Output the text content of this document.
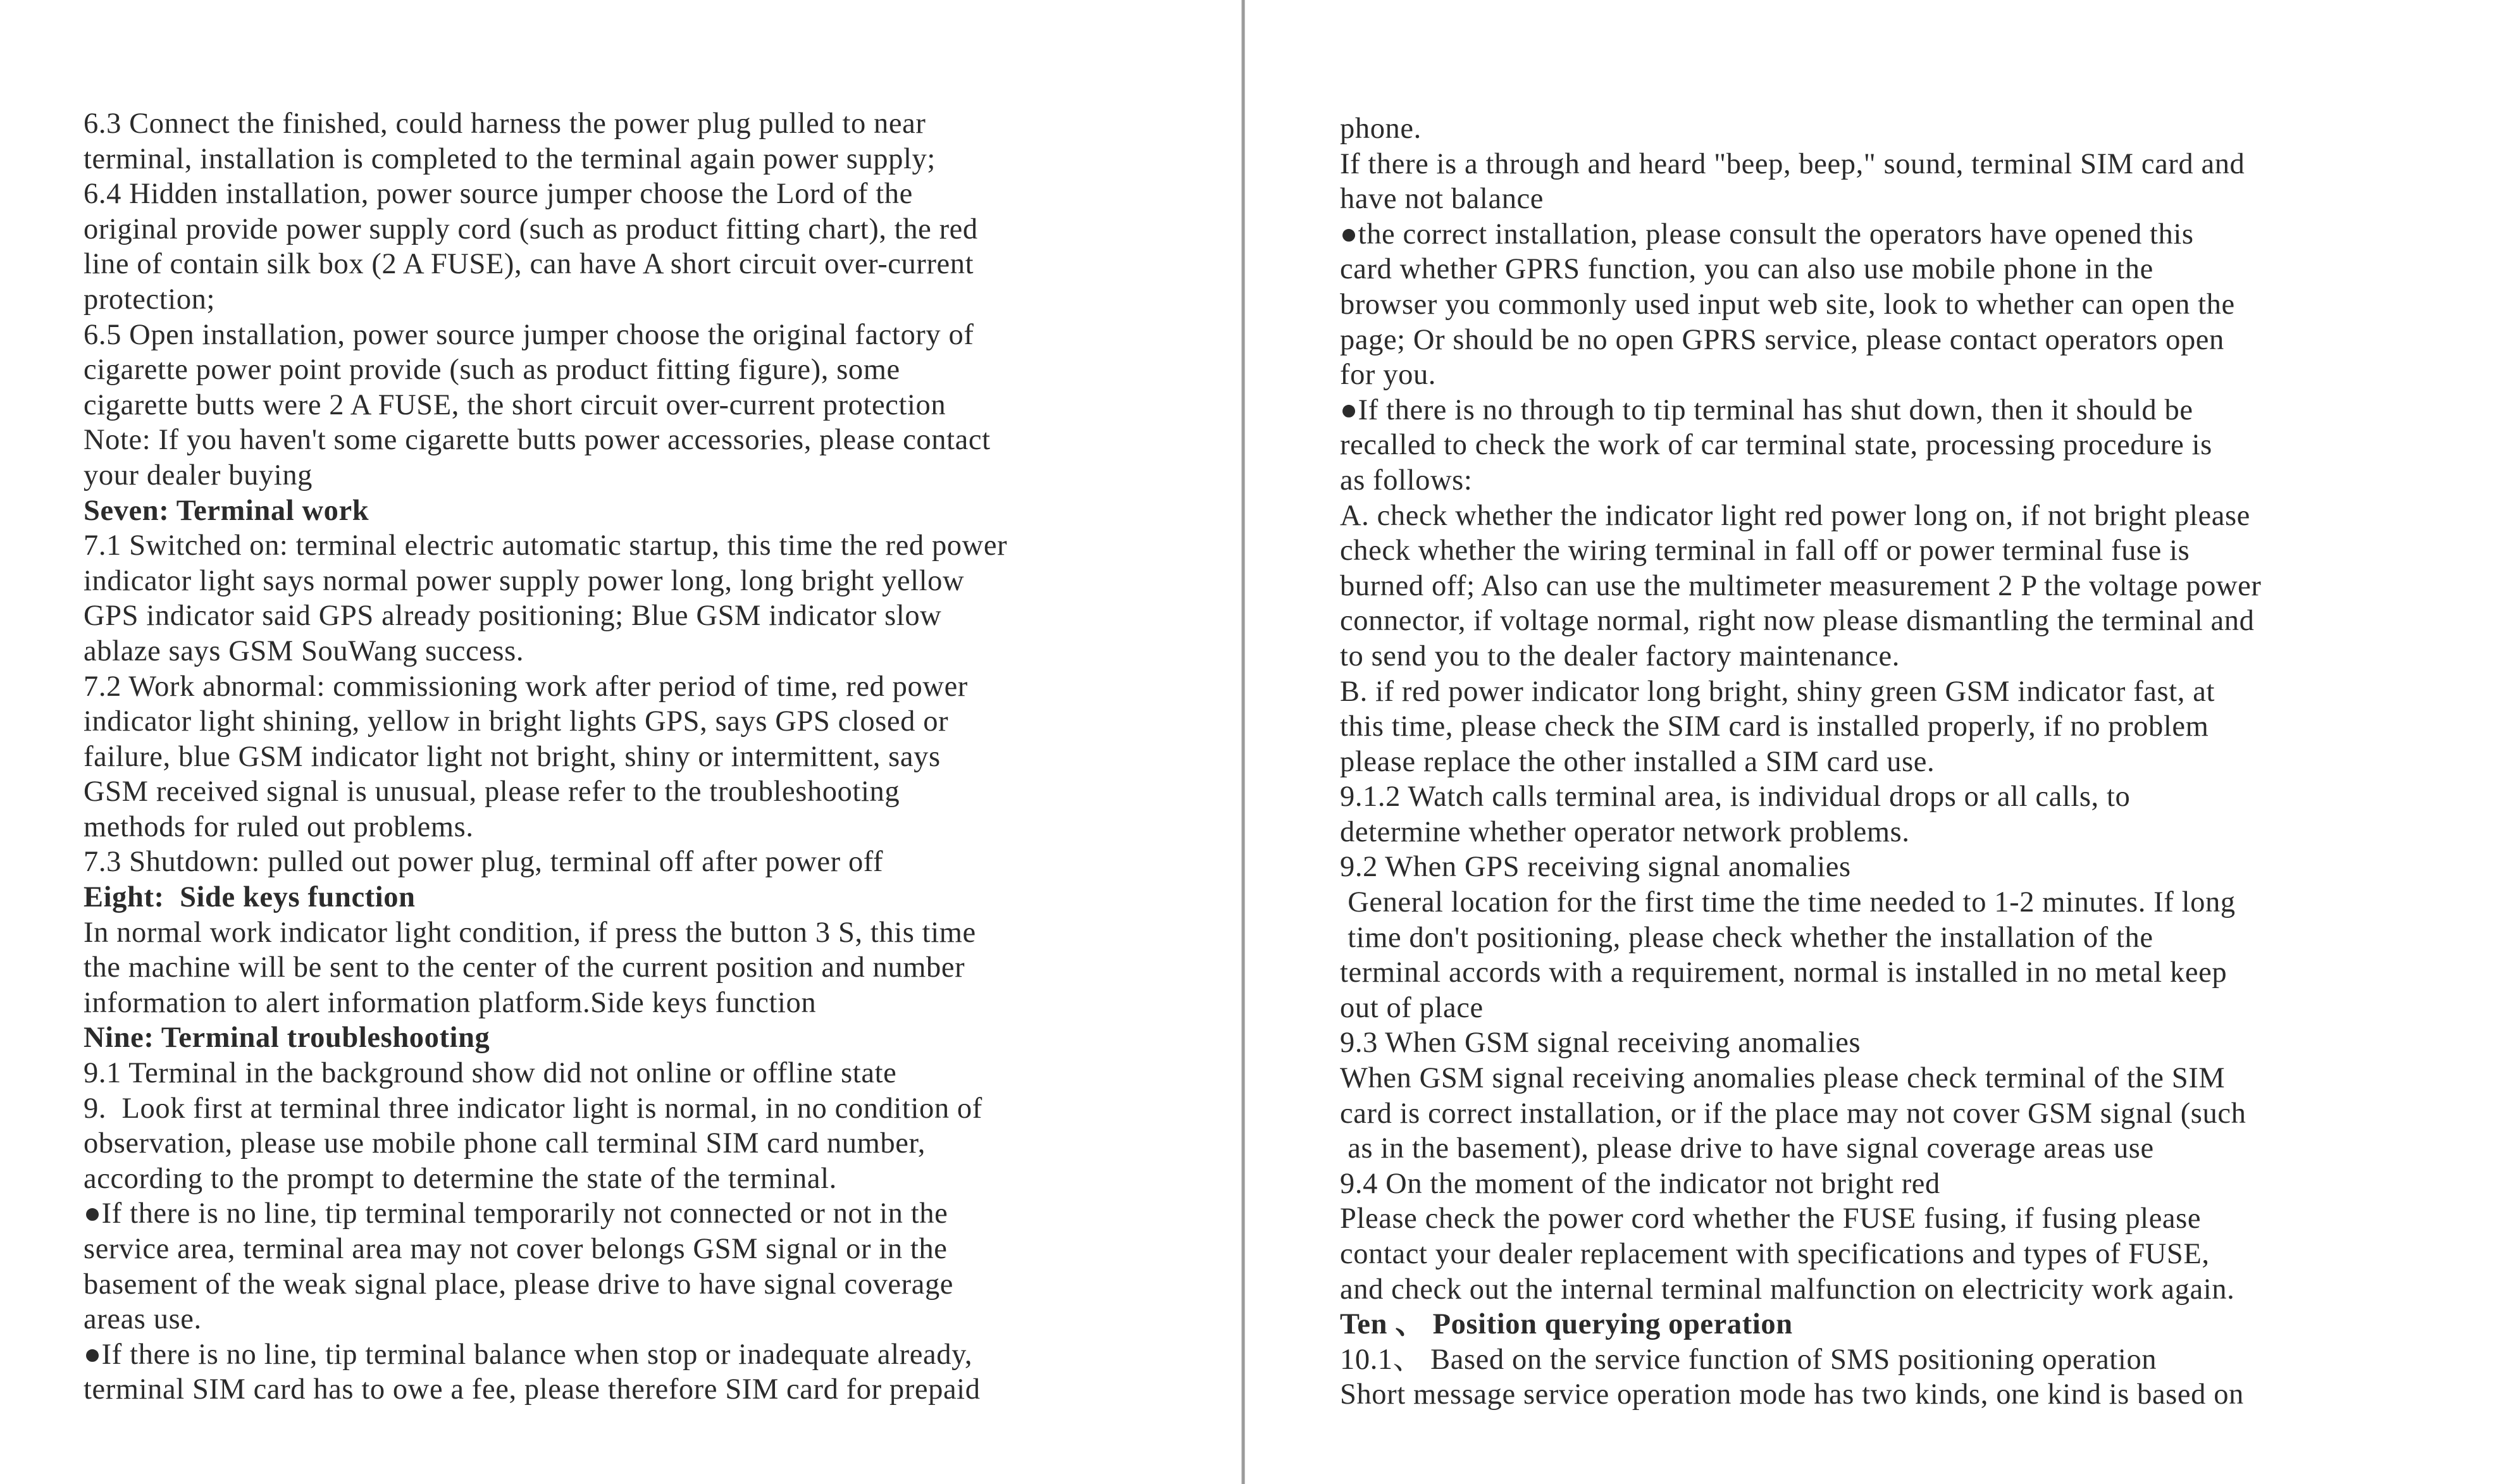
6.3 Connect the finished, could harness the power plug pulled to near
terminal, installation is completed to the terminal again power supply;
6.4 Hidden installation, power source jumper choose the Lord of the
original provide power supply cord (such as product fitting chart), the red
line of contain silk box (2 A FUSE), can have A short circuit over-current
protection;
6.5 Open installation, power source jumper choose the original factory of
cigarette power point provide (such as product fitting figure), some
cigarette butts were 2 A FUSE, the short circuit over-current protection
Note: If you haven't some cigarette butts power accessories, please contact
your dealer buying
Seven: Terminal work
7.1 Switched on: terminal electric automatic startup, this time the red power
indicator light says normal power supply power long, long bright yellow
GPS indicator said GPS already positioning; Blue GSM indicator slow
ablaze says GSM SouWang success.
7.2 Work abnormal: commissioning work after period of time, red power
indicator light shining, yellow in bright lights GPS, says GPS closed or
failure, blue GSM indicator light not bright, shiny or intermittent, says
GSM received signal is unusual, please refer to the troubleshooting
methods for ruled out problems.
7.3 Shutdown: pulled out power plug, terminal off after power off
Eight:  Side keys function
In normal work indicator light condition, if press the button 3 S, this time
the machine will be sent to the center of the current position and number
information to alert information platform.Side keys function
Nine: Terminal troubleshooting
9.1 Terminal in the background show did not online or offline state
9.  Look first at terminal three indicator light is normal, in no condition of
observation, please use mobile phone call terminal SIM card number,
according to the prompt to determine the state of the terminal.
●If there is no line, tip terminal temporarily not connected or not in the
service area, terminal area may not cover belongs GSM signal or in the
basement of the weak signal place, please drive to have signal coverage
areas use.
●If there is no line, tip terminal balance when stop or inadequate already,
terminal SIM card has to owe a fee, please therefore SIM card for prepaid
phone.
If there is a through and heard "beep, beep," sound, terminal SIM card and
have not balance
●the correct installation, please consult the operators have opened this
card whether GPRS function, you can also use mobile phone in the
browser you commonly used input web site, look to whether can open the
page; Or should be no open GPRS service, please contact operators open
for you.
●If there is no through to tip terminal has shut down, then it should be
recalled to check the work of car terminal state, processing procedure is
as follows:
A. check whether the indicator light red power long on, if not bright please
check whether the wiring terminal in fall off or power terminal fuse is
burned off; Also can use the multimeter measurement 2 P the voltage power
connector, if voltage normal, right now please dismantling the terminal and
to send you to the dealer factory maintenance.
B. if red power indicator long bright, shiny green GSM indicator fast, at
this time, please check the SIM card is installed properly, if no problem
please replace the other installed a SIM card use.
9.1.2 Watch calls terminal area, is individual drops or all calls, to
determine whether operator network problems.
9.2 When GPS receiving signal anomalies
General location for the first time the time needed to 1-2 minutes. If long
time don't positioning, please check whether the installation of the
terminal accords with a requirement, normal is installed in no metal keep
out of place
9.3 When GSM signal receiving anomalies
When GSM signal receiving anomalies please check terminal of the SIM
card is correct installation, or if the place may not cover GSM signal (such
as in the basement), please drive to have signal coverage areas use
9.4 On the moment of the indicator not bright red
Please check the power cord whether the FUSE fusing, if fusing please
contact your dealer replacement with specifications and types of FUSE,
and check out the internal terminal malfunction on electricity work again.
Ten 、 Position querying operation
10.1、 Based on the service function of SMS positioning operation
Short message service operation mode has two kinds, one kind is based on
